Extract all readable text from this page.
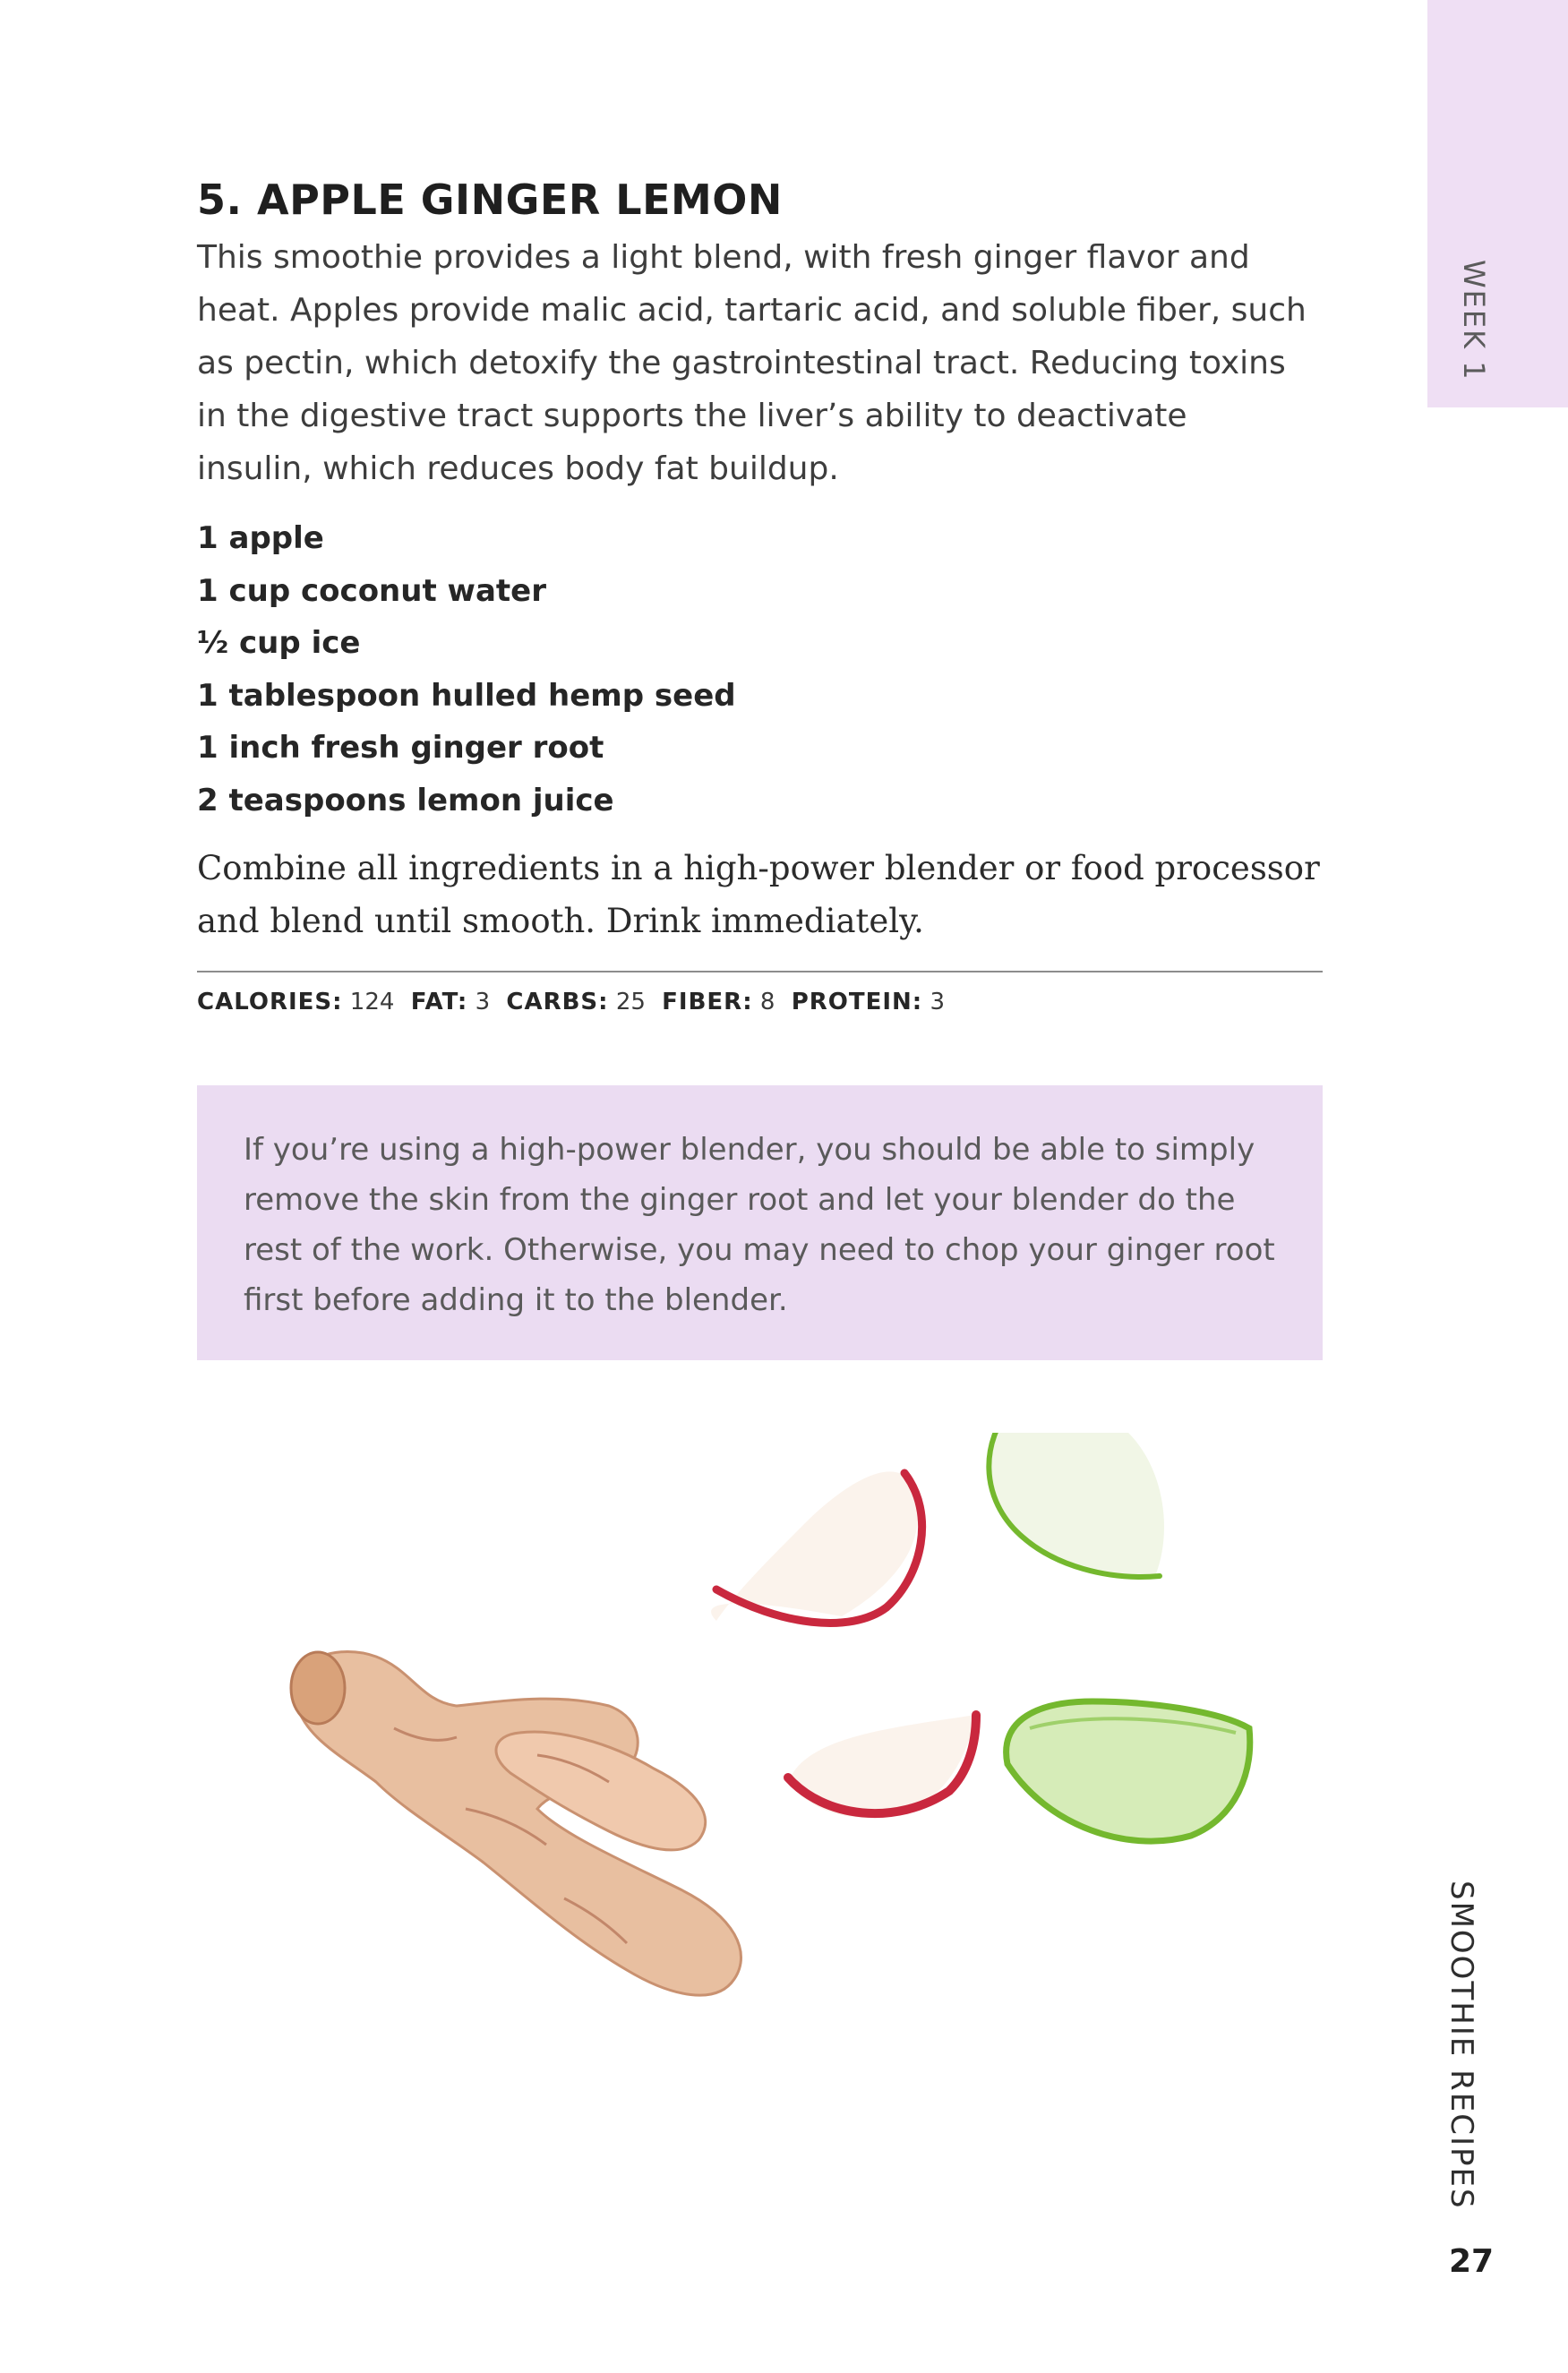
WEEK 1
5. APPLE GINGER LEMON

This smoothie provides a light blend, with fresh ginger flavor and heat. Apples provide malic acid, tartaric acid, and soluble fiber, such as pectin, which detoxify the gastrointestinal tract. Reducing toxins in the digestive tract supports the liver’s ability to deactivate insulin, which reduces body fat buildup.

1 apple
1 cup coconut water
½ cup ice
1 tablespoon hulled hemp seed
1 inch fresh ginger root
2 teaspoons lemon juice

Combine all ingredients in a high-power blender or food processor and blend until smooth. Drink immediately.

CALORIES: 124 FAT: 3 CARBS: 25 FIBER: 8 PROTEIN: 3

If you’re using a high-power blender, you should be able to simply remove the skin from the ginger root and let your blender do the rest of the work. Otherwise, you may need to chop your ginger root first before adding it to the blender.

SMOOTHIE RECIPES
27
